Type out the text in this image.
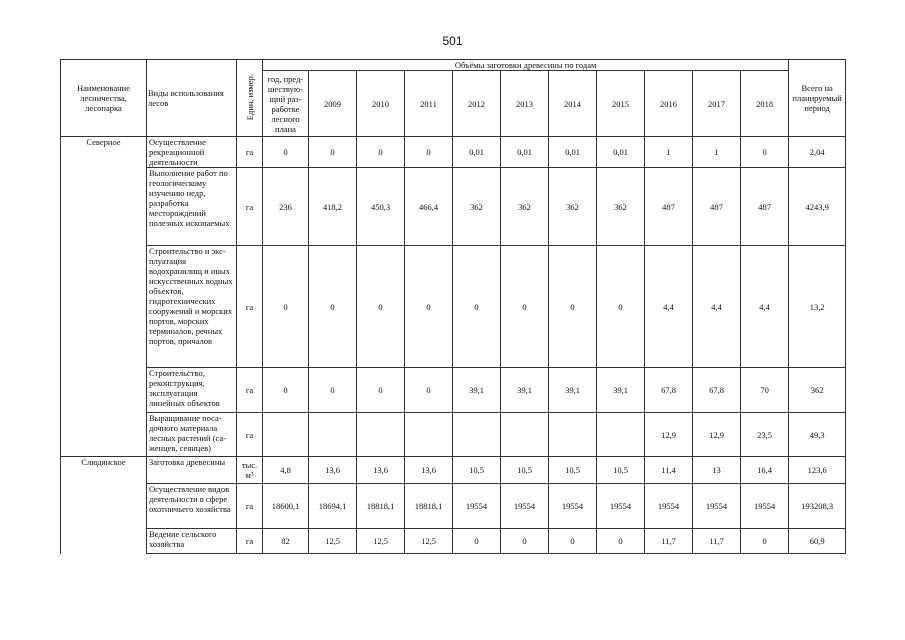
501
Наименование лесничества, лесопарка	Виды использования лесов	Един. измер.	Объёмы заготовки древесины по годам											Всего на планируемый период
			год, пред-шествую-щий раз-работке лесного плана	2009	2010	2011	2012	2013	2014	2015	2016	2017	2018	
Северное	Осуществление рекреационной деятельности	га	0	0	0	0	0,01	0,01	0,01	0,01	1	1	0	2,04
	Выполнение работ по геологическому изучению недр, разработка месторождений полезных ископаемых	га	236	418,2	450,3	466,4	362	362	362	362	487	487	487	4243,9
	Строительство и экс-плуатация водохранилищ и иных искусственных водных объектов, гидротехнических сооружений и морских портов, морских терминалов, речных портов, причалов	га	0	0	0	0	0	0	0	0	4,4	4,4	4,4	13,2
	Строительство, реконструкция, эксплуатация линейных объектов	га	0	0	0	0	39,1	39,1	39,1	39,1	67,8	67,8	70	362
	Выращивание поса-дочного материала лесных растений (са-женцев, сеянцев)	га									12,9	12,9	23,5	49,3
Слюдянское	Заготовка древесины	тыс. м³	4,8	13,6	13,6	13,6	10,5	10,5	10,5	10,5	11,4	13	16,4	123,6
	Осуществление видов деятельности в сфере охотничьего хозяйства	га	18600,1	18694,1	18818,1	18818,1	19554	19554	19554	19554	19554	19554	19554	193208,3
	Ведение сельского хозяйства	га	82	12,5	12,5	12,5	0	0	0	0	11,7	11,7	0	60,9
